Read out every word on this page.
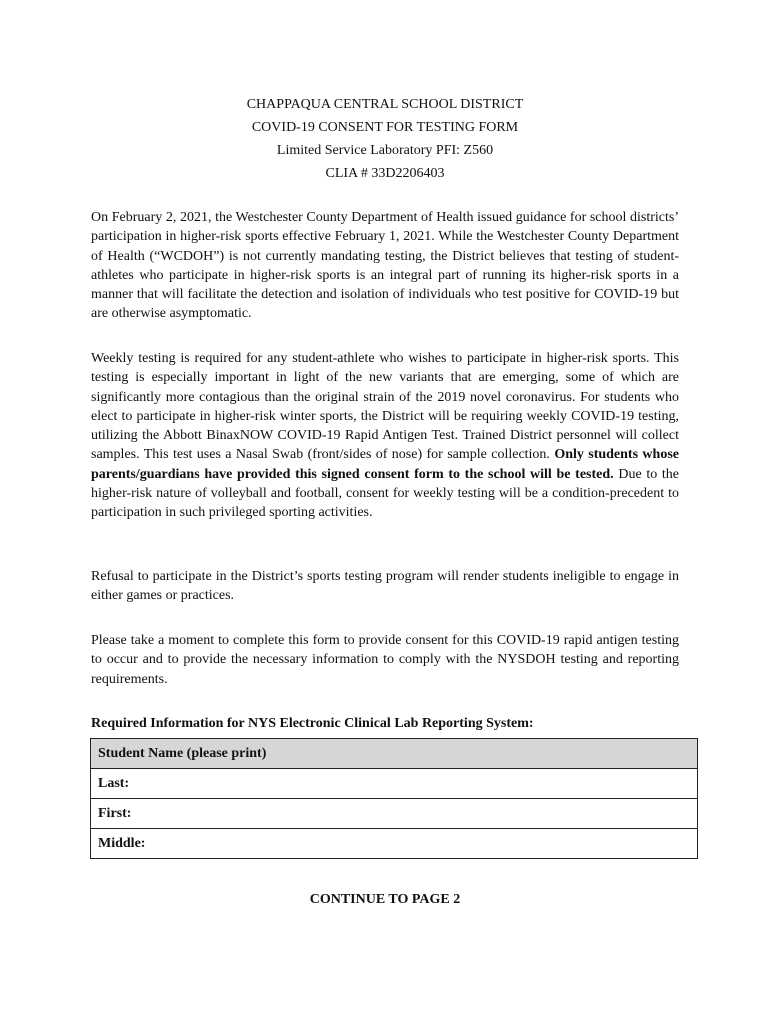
CHAPPAQUA CENTRAL SCHOOL DISTRICT
COVID-19 CONSENT FOR TESTING FORM
Limited Service Laboratory PFI: Z560
CLIA # 33D2206403

On February 2, 2021, the Westchester County Department of Health issued guidance for school districts’ participation in higher-risk sports effective February 1, 2021. While the Westchester County Department of Health (“WCDOH”) is not currently mandating testing, the District believes that testing of student-athletes who participate in higher-risk sports is an integral part of running its higher-risk sports in a manner that will facilitate the detection and isolation of individuals who test positive for COVID-19 but are otherwise asymptomatic.

Weekly testing is required for any student-athlete who wishes to participate in higher-risk sports. This testing is especially important in light of the new variants that are emerging, some of which are significantly more contagious than the original strain of the 2019 novel coronavirus. For students who elect to participate in higher-risk winter sports, the District will be requiring weekly COVID-19 testing, utilizing the Abbott BinaxNOW COVID-19 Rapid Antigen Test. Trained District personnel will collect samples. This test uses a Nasal Swab (front/sides of nose) for sample collection. Only students whose parents/guardians have provided this signed consent form to the school will be tested. Due to the higher-risk nature of volleyball and football, consent for weekly testing will be a condition-precedent to participation in such privileged sporting activities.

Refusal to participate in the District’s sports testing program will render students ineligible to engage in either games or practices.

Please take a moment to complete this form to provide consent for this COVID-19 rapid antigen testing to occur and to provide the necessary information to comply with the NYSDOH testing and reporting requirements.

Required Information for NYS Electronic Clinical Lab Reporting System:
Student Name (please print)
Last:
First:
Middle:
CONTINUE TO PAGE 2
